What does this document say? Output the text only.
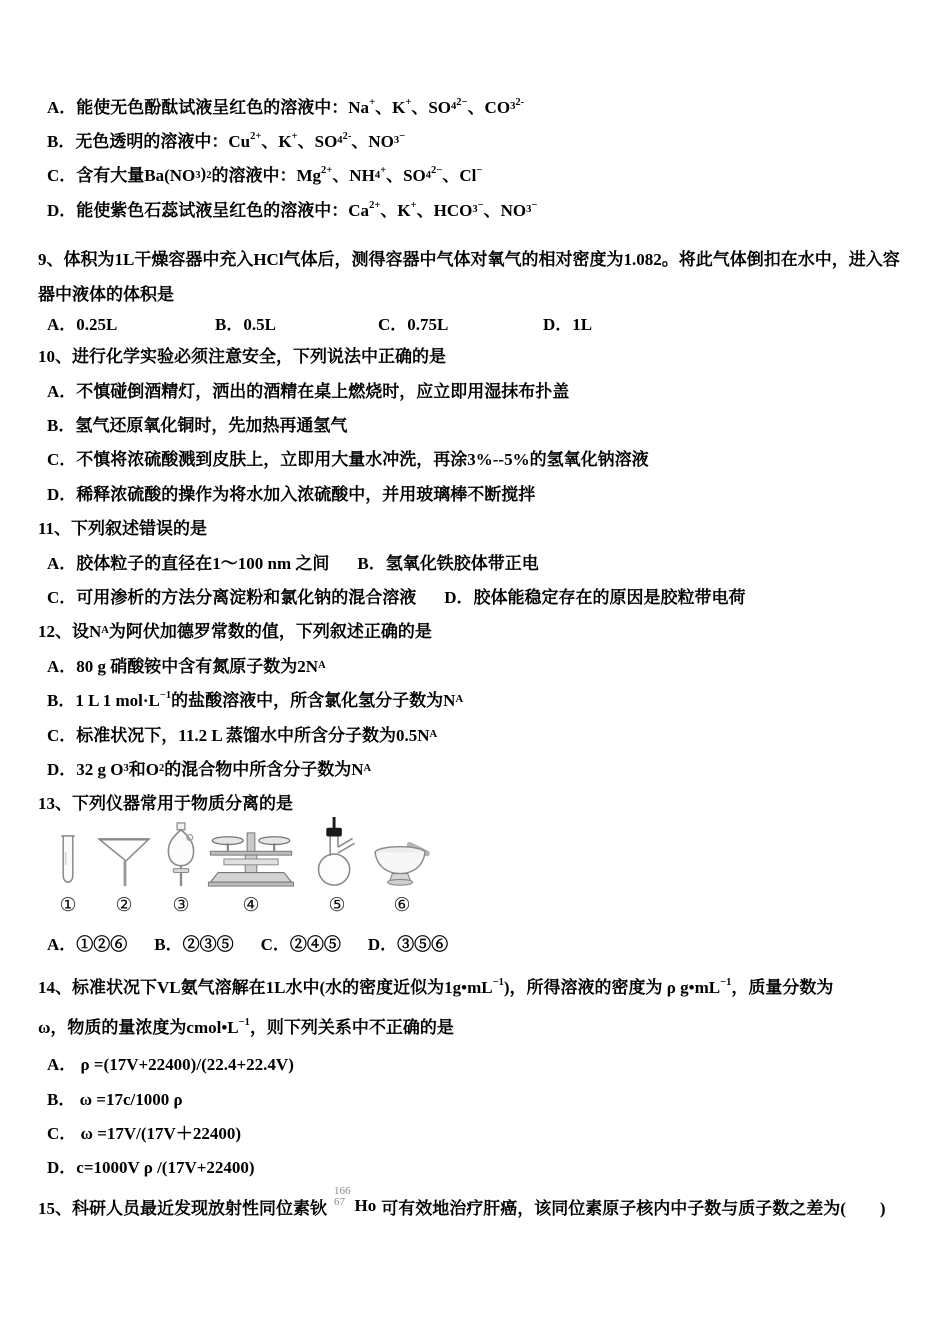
A．能使无色酚酞试液呈红色的溶液中：Na+ 、K+ 、$SO_4^{2-}$ 、$CO_3^{2-}$
B．无色透明的溶液中：$Cu^{2+}$ 、K+ 、$SO_4^{2-}$ 、$NO_3^-$
C．含有大量$Ba(NO_3$ )$_2$ 的溶液中：$Mg^{2+}$ 、$NH_4^+$ 、$SO_4^{2-}$ 、Cl−
D．能使紫色石蕊试液呈红色的溶液中：$Ca^{2+}$ 、K+ 、$HCO_3^-$ 、$NO_3^-$
9、体积为1L干燥容器中充入HCl气体后，测得容器中气体对氧气的相对密度为1.082。将此气体倒扣在水中，进入容
器中液体的体积是
A．0.25L	B．0.5L	C．0.75L	D．1L
10、进行化学实验必须注意安全，下列说法中正确的是
A．不慎碰倒酒精灯，洒出的酒精在桌上燃烧时，应立即用湿抹布扑盖
B．氢气还原氧化铜时，先加热再通氢气
C．不慎将浓硫酸溅到皮肤上，立即用大量水冲洗，再涂3%--5%的氢氧化钠溶液
D．稀释浓硫酸的操作为将水加入浓硫酸中，并用玻璃棒不断搅拌
11、下列叙述错误的是
A．胶体粒子的直径在1～100 nm 之间 B．氢氧化铁胶体带正电
C．可用渗析的方法分离淀粉和氯化钠的混合溶液 D．胶体能稳定存在的原因是胶粒带电荷
12、设$N_A$ 为阿伏加德罗常数的值，下列叙述正确的是
A．80 g 硝酸铵中含有氮原子数为$2N_A$
B．1 L 1 $mol\cdot L^{-1}$ 的盐酸溶液中，所含氯化氢分子数为$N_A$
C．标准状况下，11.2 L 蒸馏水中所含分子数为$0.5N_A$
D．32 g $O_3$ 和$O_2$ 的混合物中所含分子数为$N_A$
13、下列仪器常用于物质分离的是
① ② ③	④	⑤	⑥
A．①②⑥ B．②③⑤ C．②④⑤ D．③⑤⑥
14、标准状况下VL氨气溶解在1L水中(水的密度近似为1g•mL $^{-1}$ )，所得溶液的密度为 ρ g•mL $^{-1}$ ，质量分数为
ω，物质的量浓度为cmol•L $^{-1}$ ，则下列关系中不正确的是
A． ρ =(17V+22400)/(22.4+22.4V)
B． ω =17c/1000 ρ
C． ω =17V/(17V＋22400)
D．c=1000V ρ /(17V+22400)
15、科研人员最近发现放射性同位素钬
166
67 Ho 可有效地治疗肝癌，该同位素原子核内中子数与质子数之差为(　　)
